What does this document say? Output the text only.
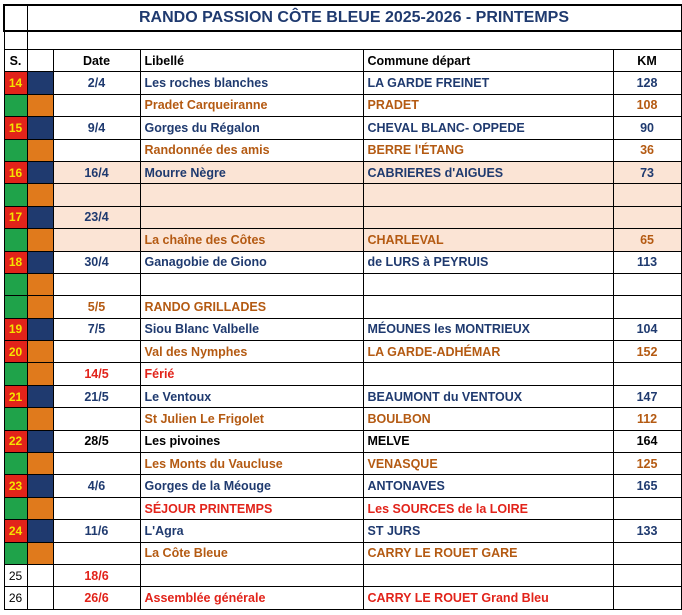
	RANDO PASSION CÔTE BLEUE 2025-2026 - PRINTEMPS				

S.		Date	Libellé	Commune départ	KM
14		2/4	Les roches blanches	LA GARDE FREINET	128
			Pradet Carqueiranne	PRADET	108
15		9/4	Gorges du Régalon	CHEVAL BLANC- OPPEDE	90
			Randonnée des amis	BERRE l'ÉTANG	36
16		16/4	Mourre Nègre	CABRIERES d'AIGUES	73

17		23/4			
			La chaîne des Côtes	CHARLEVAL	65
18		30/4	Ganagobie de Giono	de LURS à PEYRUIS	113

		5/5	RANDO GRILLADES		
19		7/5	Siou Blanc Valbelle	MÉOUNES les MONTRIEUX	104
20			Val des Nymphes	LA GARDE-ADHÉMAR	152
		14/5	Férié		
21		21/5	Le Ventoux	BEAUMONT du VENTOUX	147
			St Julien Le Frigolet	BOULBON	112
22		28/5	Les pivoines	MELVE	164
			Les Monts du Vaucluse	VENASQUE	125
23		4/6	Gorges de la Méouge	ANTONAVES	165
			SÉJOUR PRINTEMPS	Les SOURCES de la LOIRE	
24		11/6	L'Agra	ST JURS	133
			La Côte Bleue	CARRY LE ROUET GARE	
25		18/6			
26		26/6	Assemblée générale	CARRY LE ROUET Grand Bleu	
